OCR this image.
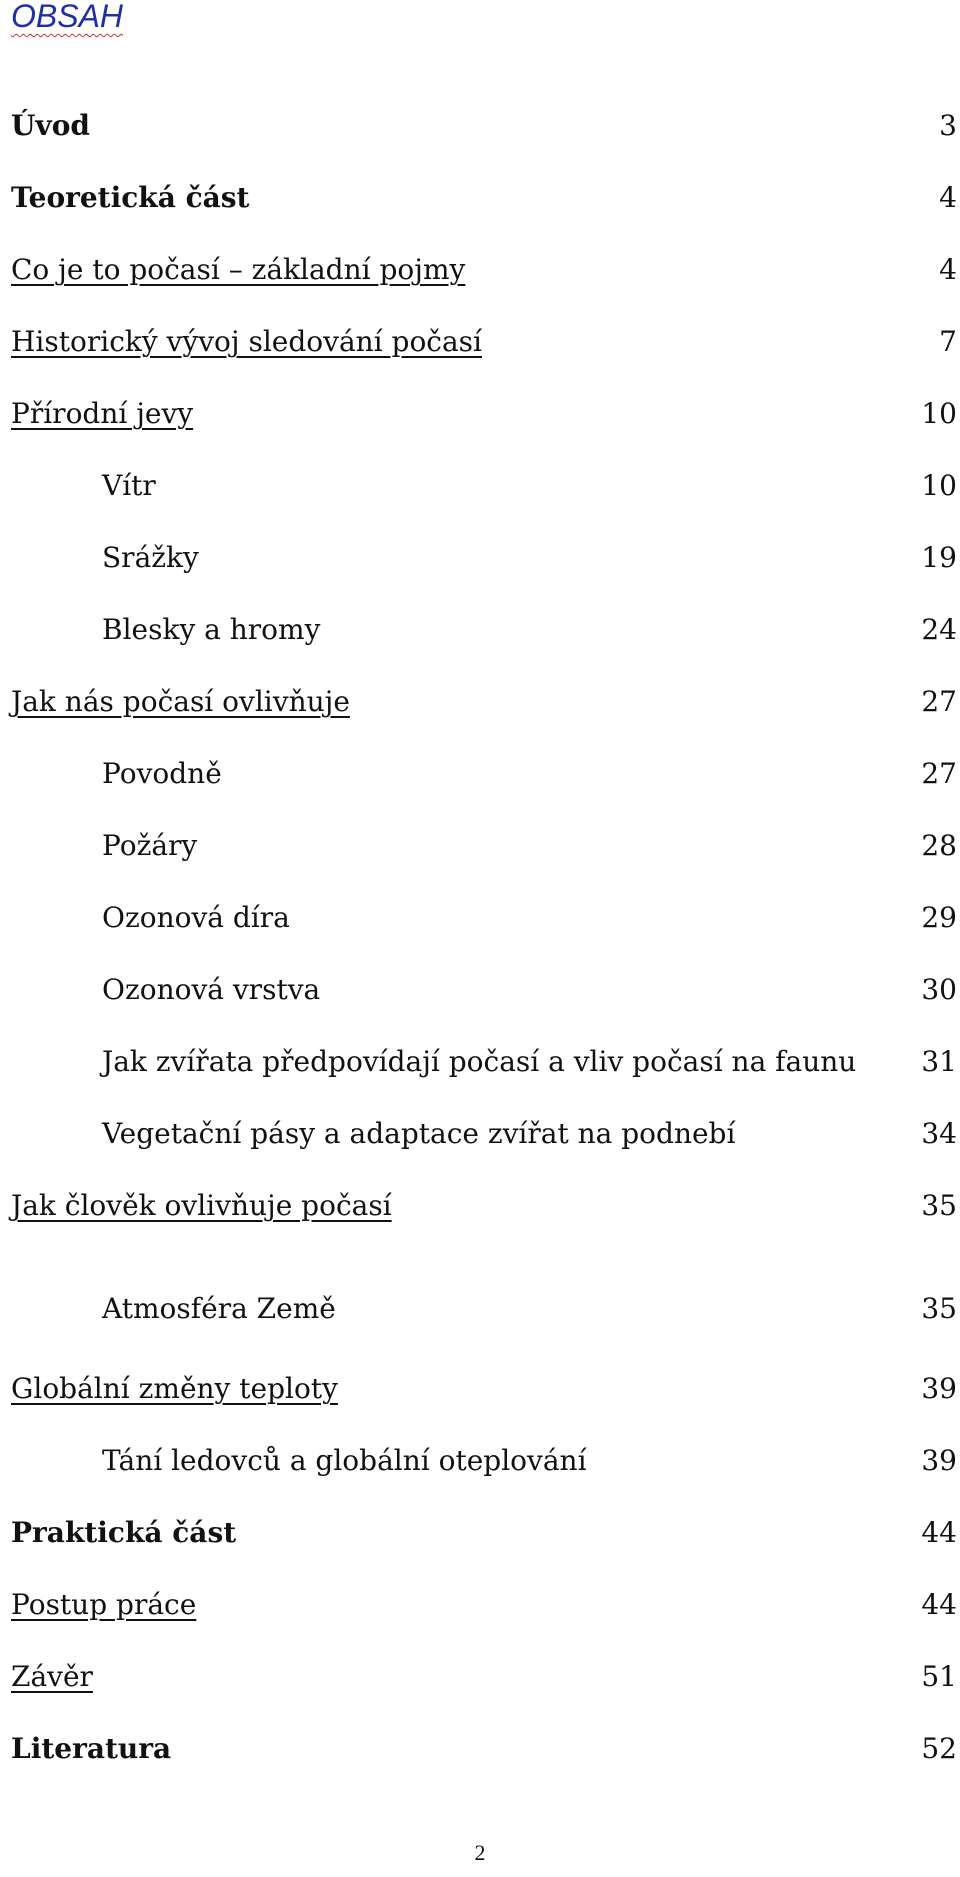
OBSAH
Úvod	3
Teoretická část	4
Co je to počasí – základní pojmy	4
Historický vývoj sledování počasí	7
Přírodní jevy	10
Vítr	10
Srážky	19
Blesky a hromy	24
Jak nás počasí ovlivňuje	27
Povodně	27
Požáry	28
Ozonová díra	29
Ozonová vrstva	30
Jak zvířata předpovídají počasí a vliv počasí na faunu 31
Vegetační pásy a adaptace zvířat na podnebí	34
Jak člověk ovlivňuje počasí	35
Atmosféra Země	35
Globální změny teploty	39
Tání ledovců a globální oteplování	39
Praktická část	44
Postup práce	44
Závěr	51
Literatura	52
2
